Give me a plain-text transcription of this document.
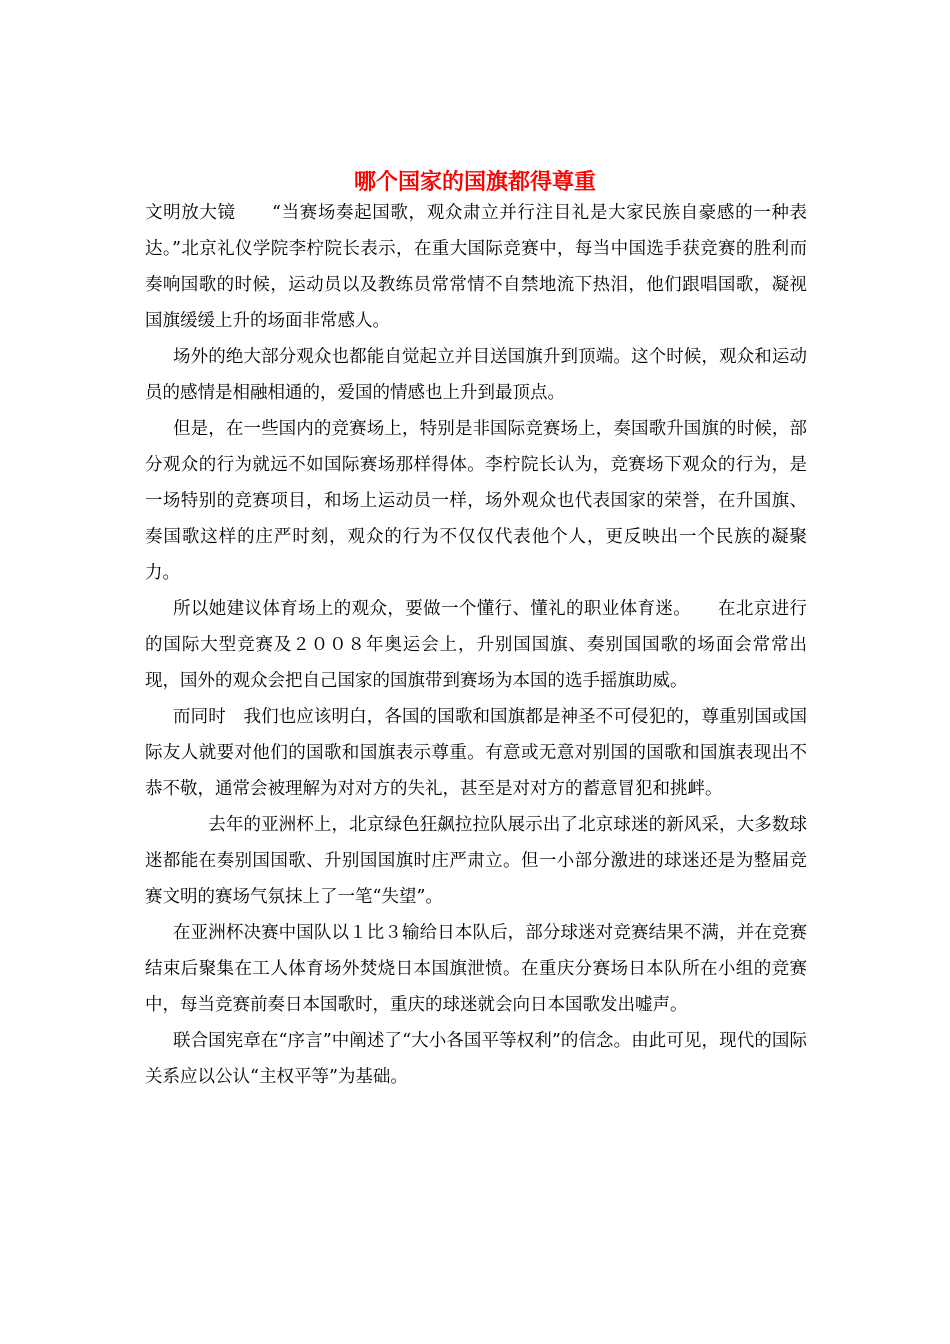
哪个国家的国旗都得尊重

文明放大镜　　“当赛场奏起国歌，观众肃立并行注目礼是大家民族自豪感的一种表达。”北京礼仪学院李柠院长表示，在重大国际竞赛中，每当中国选手获竞赛的胜利而奏响国歌的时候，运动员以及教练员常常情不自禁地流下热泪，他们跟唱国歌，凝视国旗缓缓上升的场面非常感人。

场外的绝大部分观众也都能自觉起立并目送国旗升到顶端。这个时候，观众和运动员的感情是相融相通的，爱国的情感也上升到最顶点。

但是，在一些国内的竞赛场上，特别是非国际竞赛场上，奏国歌升国旗的时候，部分观众的行为就远不如国际赛场那样得体。李柠院长认为，竞赛场下观众的行为，是一场特别的竞赛项目，和场上运动员一样，场外观众也代表国家的荣誉，在升国旗、奏国歌这样的庄严时刻，观众的行为不仅仅代表他个人，更反映出一个民族的凝聚力。

所以她建议体育场上的观众，要做一个懂行、懂礼的职业体育迷。　　在北京进行的国际大型竞赛及２００８年奥运会上，升别国国旗、奏别国国歌的场面会常常出现，国外的观众会把自己国家的国旗带到赛场为本国的选手摇旗助威。

而同时　我们也应该明白，各国的国歌和国旗都是神圣不可侵犯的，尊重别国或国际友人就要对他们的国歌和国旗表示尊重。有意或无意对别国的国歌和国旗表现出不恭不敬，通常会被理解为对对方的失礼，甚至是对对方的蓄意冒犯和挑衅。

　　去年的亚洲杯上，北京绿色狂飙拉拉队展示出了北京球迷的新风采，大多数球迷都能在奏别国国歌、升别国国旗时庄严肃立。但一小部分激进的球迷还是为整届竞赛文明的赛场气氛抹上了一笔“失望”。

在亚洲杯决赛中国队以１比３输给日本队后，部分球迷对竞赛结果不满，并在竞赛结束后聚集在工人体育场外焚烧日本国旗泄愤。在重庆分赛场日本队所在小组的竞赛中，每当竞赛前奏日本国歌时，重庆的球迷就会向日本国歌发出嘘声。

联合国宪章在“序言”中阐述了“大小各国平等权利”的信念。由此可见，现代的国际关系应以公认“主权平等”为基础。
